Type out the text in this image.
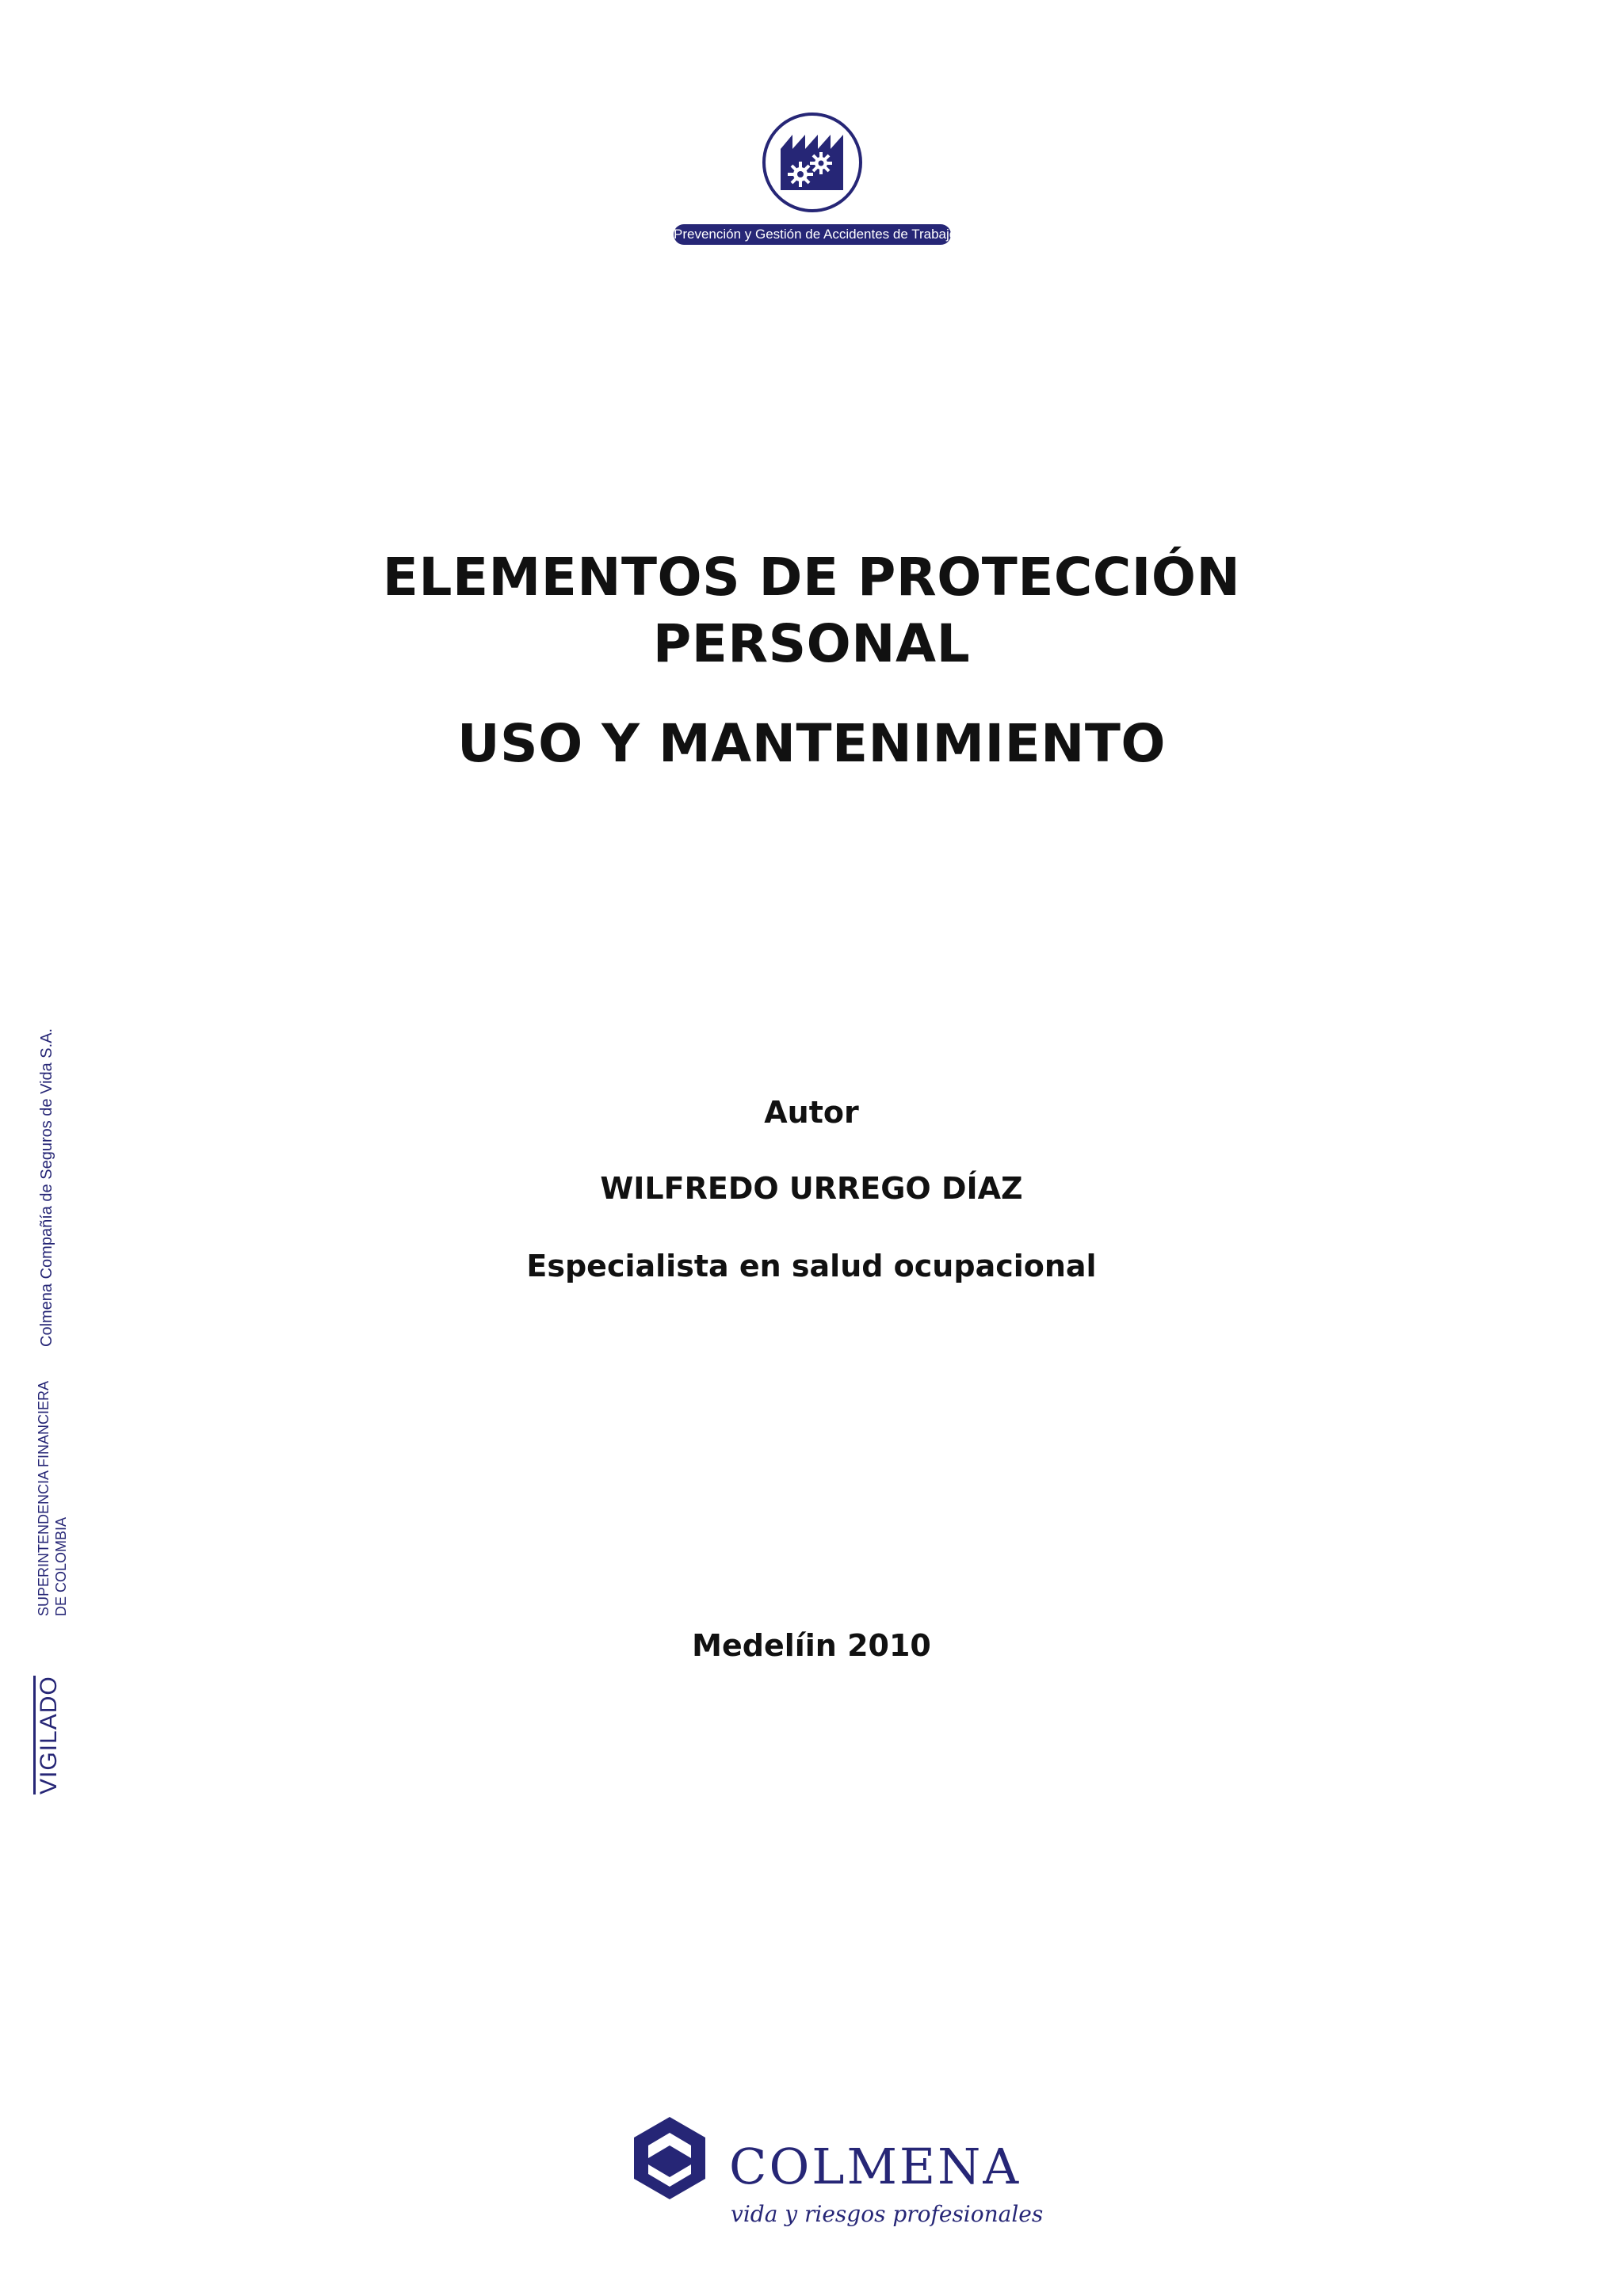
Prevención y Gestión de Accidentes de Trabajo
ELEMENTOS DE PROTECCIÓN
PERSONAL
USO Y MANTENIMIENTO
Autor
WILFREDO URREGO DÍAZ
Especialista en salud ocupacional
Medelíin 2010
Colmena Compañía de Seguros de Vida S.A.
SUPERINTENDENCIA FINANCIERA DE COLOMBIA
VIGILADO
COLMENA
vida y riesgos profesionales
